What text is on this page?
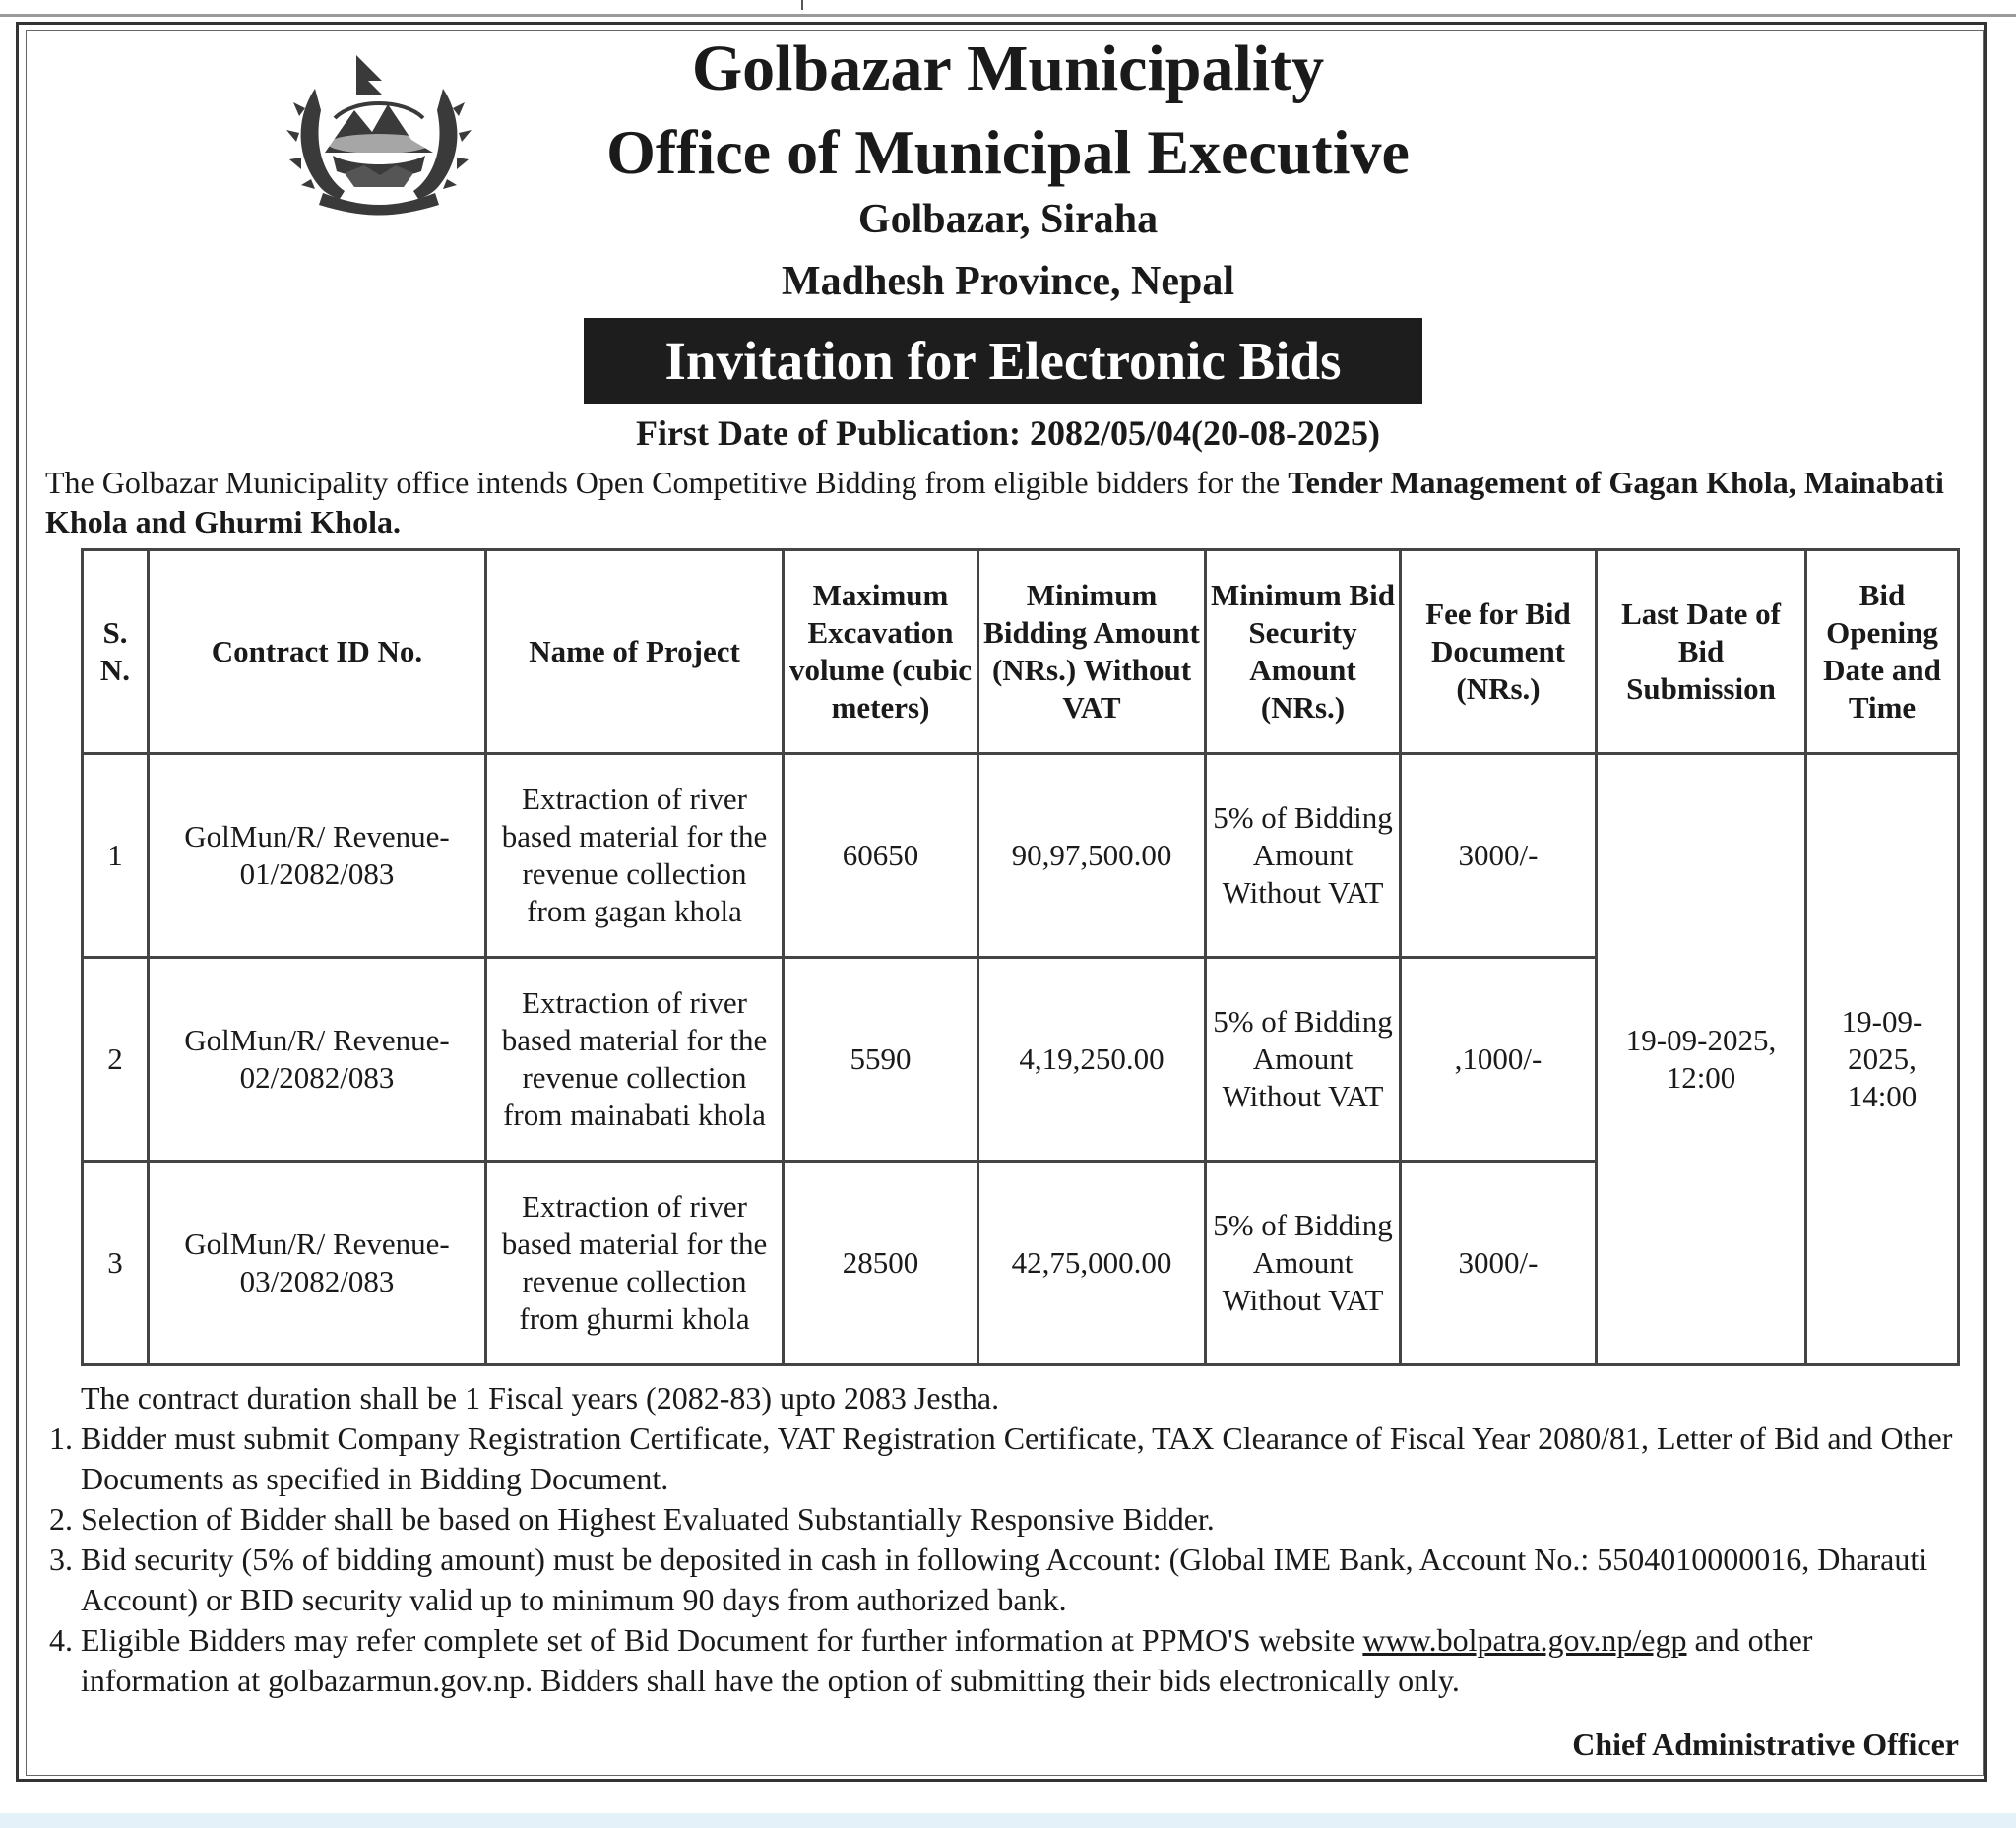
Golbazar Municipality
Office of Municipal Executive
Golbazar, Siraha
Madhesh Province, Nepal
Invitation for Electronic Bids
First Date of Publication: 2082/05/04(20-08-2025)
The Golbazar Municipality office intends Open Competitive Bidding from eligible bidders for the Tender Management of Gagan Khola, Mainabati Khola and Ghurmi Khola.
S. N.	Contract ID No.	Name of Project	Maximum Excavation volume (cubic meters)	Minimum Bidding Amount (NRs.) Without VAT	Minimum Bid Security Amount (NRs.)	Fee for Bid Document (NRs.)	Last Date of Bid Submission	Bid Opening Date and Time
1	GolMun/R/ Revenue-01/2082/083	Extraction of river based material for the revenue collection from gagan khola	60650	90,97,500.00	5% of Bidding Amount Without VAT	3000/-	19-09-2025, 12:00	19-09- 2025, 14:00
2	GolMun/R/ Revenue-02/2082/083	Extraction of river based material for the revenue collection from mainabati khola	5590	4,19,250.00	5% of Bidding Amount Without VAT	,1000/-		
3	GolMun/R/ Revenue-03/2082/083	Extraction of river based material for the revenue collection from ghurmi khola	28500	42,75,000.00	5% of Bidding Amount Without VAT	3000/-		
The contract duration shall be 1 Fiscal years (2082-83) upto 2083 Jestha.
1. Bidder must submit Company Registration Certificate, VAT Registration Certificate, TAX Clearance of Fiscal Year 2080/81, Letter of Bid and Other Documents as specified in Bidding Document.
2. Selection of Bidder shall be based on Highest Evaluated Substantially Responsive Bidder.
3. Bid security (5% of bidding amount) must be deposited in cash in following Account: (Global IME Bank, Account No.: 5504010000016, Dharauti Account) or BID security valid up to minimum 90 days from authorized bank.
4. Eligible Bidders may refer complete set of Bid Document for further information at PPMO'S website www.bolpatra.gov.np/egp and other information at golbazarmun.gov.np. Bidders shall have the option of submitting their bids electronically only.
Chief Administrative Officer
